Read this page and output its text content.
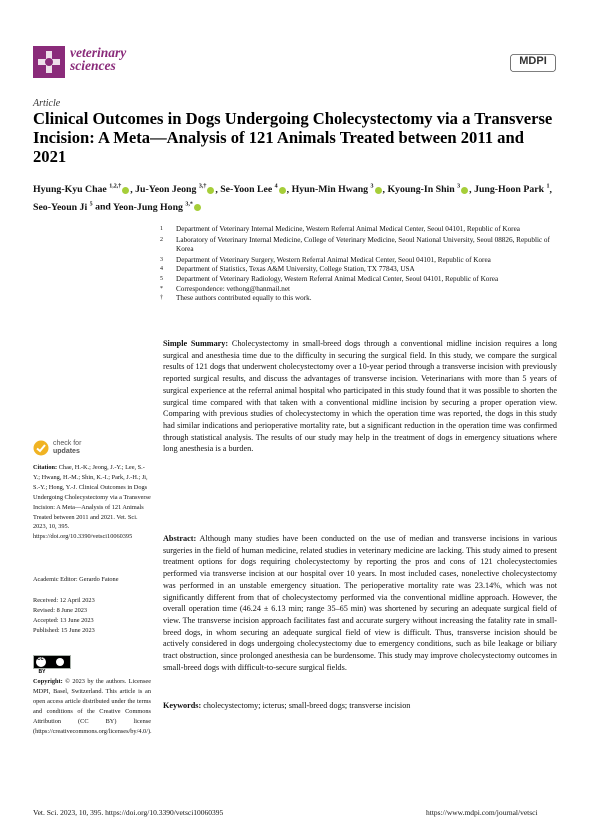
veterinary
sciences	MDPI
Article
Clinical Outcomes in Dogs Undergoing Cholecystectomy via a Transverse Incision: A Meta—Analysis of 121 Animals Treated between 2011 and 2021
Hyung-Kyu Chae $^{1,2,\dagger}$ , Ju-Yeon Jeong $^{3,\dagger}$ , Se-Yoon Lee $^4$ , Hyun-Min Hwang $^3$ , Kyoung-In Shin $^3$ , Jung-Hoon Park $^1$, Seo-Yeoun Ji $^5$ and Yeon-Jung Hong $^{3,*}$
1	Department of Veterinary Internal Medicine, Western Referral Animal Medical Center, Seoul 04101, Republic of Korea
2	Laboratory of Veterinary Internal Medicine, College of Veterinary Medicine, Seoul National University, Seoul 08826, Republic of Korea
3	Department of Veterinary Surgery, Western Referral Animal Medical Center, Seoul 04101, Republic of Korea
4	Department of Statistics, Texas A&M University, College Station, TX 77843, USA
5	Department of Veterinary Radiology, Western Referral Animal Medical Center, Seoul 04101, Republic of Korea
*	Correspondence: vethong@hanmail.net
†	These authors contributed equally to this work.
Simple Summary: Cholecystectomy in small-breed dogs through a conventional midline incision requires a long surgical and anesthesia time due to the difficulty in securing the surgical field. In this study, we compare the surgical results of 121 dogs that underwent cholecystectomy over a 10-year period through a transverse incision with previously reported surgical results, and discuss the advantages of transverse incision. Veterinarians with more than 5 years of surgical experience at the referral animal hospital who participated in this study found that it was possible to shorten the surgical time compared with that taken with a conventional midline incision by securing a proper operation view. Comparing with previous studies of cholecystectomy in which the operation time was reported, the dogs in this study had similar indications and perioperative mortality rate, but a significant reduction in the operation time was confirmed through statistical analysis. The results of our study may help in the treatment of dogs in emergency situations where long anesthesia is a burden.
Abstract: Although many studies have been conducted on the use of median and transverse incisions in various surgeries in the field of human medicine, related studies in veterinary medicine are lacking. This study aimed to present treatment options for dogs requiring cholecystectomy by reporting the pros and cons of 121 cholecystectomies performed via transverse incision at our hospital over 10 years. In most included cases, nonelective cholecystectomy was performed in an unstable emergency situation. The perioperative mortality rate was 23.14%, which was not significantly different from that of cholecystectomy performed via the conventional midline approach. However, the overall operation time (46.24 ± 6.13 min; range 35–65 min) was shortened by securing an adequate surgical field of view. The transverse incision approach facilitates fast and accurate surgery without increasing the fatality rate in small-breed dogs, in whom securing an adequate surgical field of view is difficult. Thus, transverse incision should be actively considered in dogs undergoing cholecystectomy due to emergency conditions, such as bile leakage or biliary tract obstruction, since prolonged anesthesia can be burdensome. This study may improve cholecystectomy outcomes in small-breed dogs with difficult-to-secure surgical fields.
Keywords: cholecystectomy; icterus; small-breed dogs; transverse incision
check for
updates
Citation: Chae, H.-K.; Jeong, J.-Y.; Lee, S.-Y.; Hwang, H.-M.; Shin, K.-I.; Park, J.-H.; Ji, S.-Y.; Hong, Y.-J. Clinical Outcomes in Dogs Undergoing Cholecystectomy via a Transverse Incision: A Meta—Analysis of 121 Animals Treated between 2011 and 2021. Vet. Sci. 2023, 10, 395. https://doi.org/10.3390/vetsci10060395
Academic Editor: Gerardo Fatone
Received: 12 April 2023
Revised: 8 June 2023
Accepted: 13 June 2023
Published: 15 June 2023
cc
BY
Copyright: © 2023 by the authors. Licensee MDPI, Basel, Switzerland. This article is an open access article distributed under the terms and conditions of the Creative Commons Attribution (CC BY) license (https://creativecommons.org/licenses/by/4.0/).
Vet. Sci. 2023, 10, 395. https://doi.org/10.3390/vetsci10060395	https://www.mdpi.com/journal/vetsci
